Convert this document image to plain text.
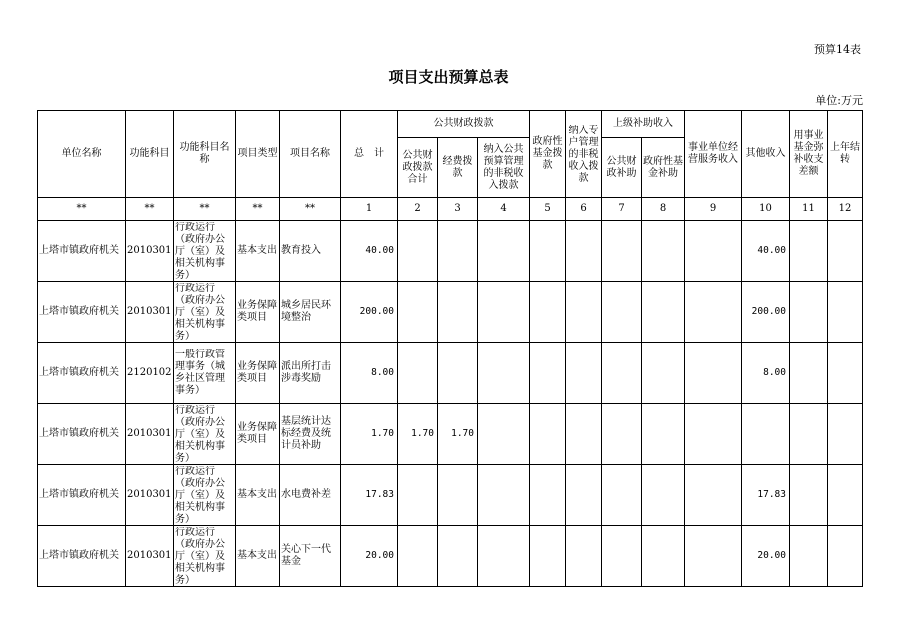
预算14表
项目支出预算总表
单位:万元
单位名称	功能科目	功能科目名称	项目类型	项目名称	总　计	公共财政拨款			政府性基金拨款	纳入专户管理的非税收入拨款	上级补助收入		事业单位经营服务收入	其他收入	用事业基金弥补收支差额	上年结转
						公共财政拨款合计	经费拨款	纳入公共预算管理的非税收入拨款			公共财政补助	政府性基金补助				
**	**	**	**	**	1	2	3	4	5	6	7	8	9	10	11	12
上塔市镇政府机关	2010301	行政运行（政府办公厅（室）及相关机构事务）	基本支出	教育投入	40.00									40.00		
上塔市镇政府机关	2010301	行政运行（政府办公厅（室）及相关机构事务）	业务保障类项目	城乡居民环境整治	200.00									200.00		
上塔市镇政府机关	2120102	一般行政管理事务（城乡社区管理事务）	业务保障类项目	派出所打击涉毒奖励	8.00									8.00		
上塔市镇政府机关	2010301	行政运行（政府办公厅（室）及相关机构事务）	业务保障类项目	基层统计达标经费及统计员补助	1.70	1.70	1.70									
上塔市镇政府机关	2010301	行政运行（政府办公厅（室）及相关机构事务）	基本支出	水电费补差	17.83									17.83		
上塔市镇政府机关	2010301	行政运行（政府办公厅（室）及相关机构事务）	基本支出	关心下一代基金	20.00									20.00		
